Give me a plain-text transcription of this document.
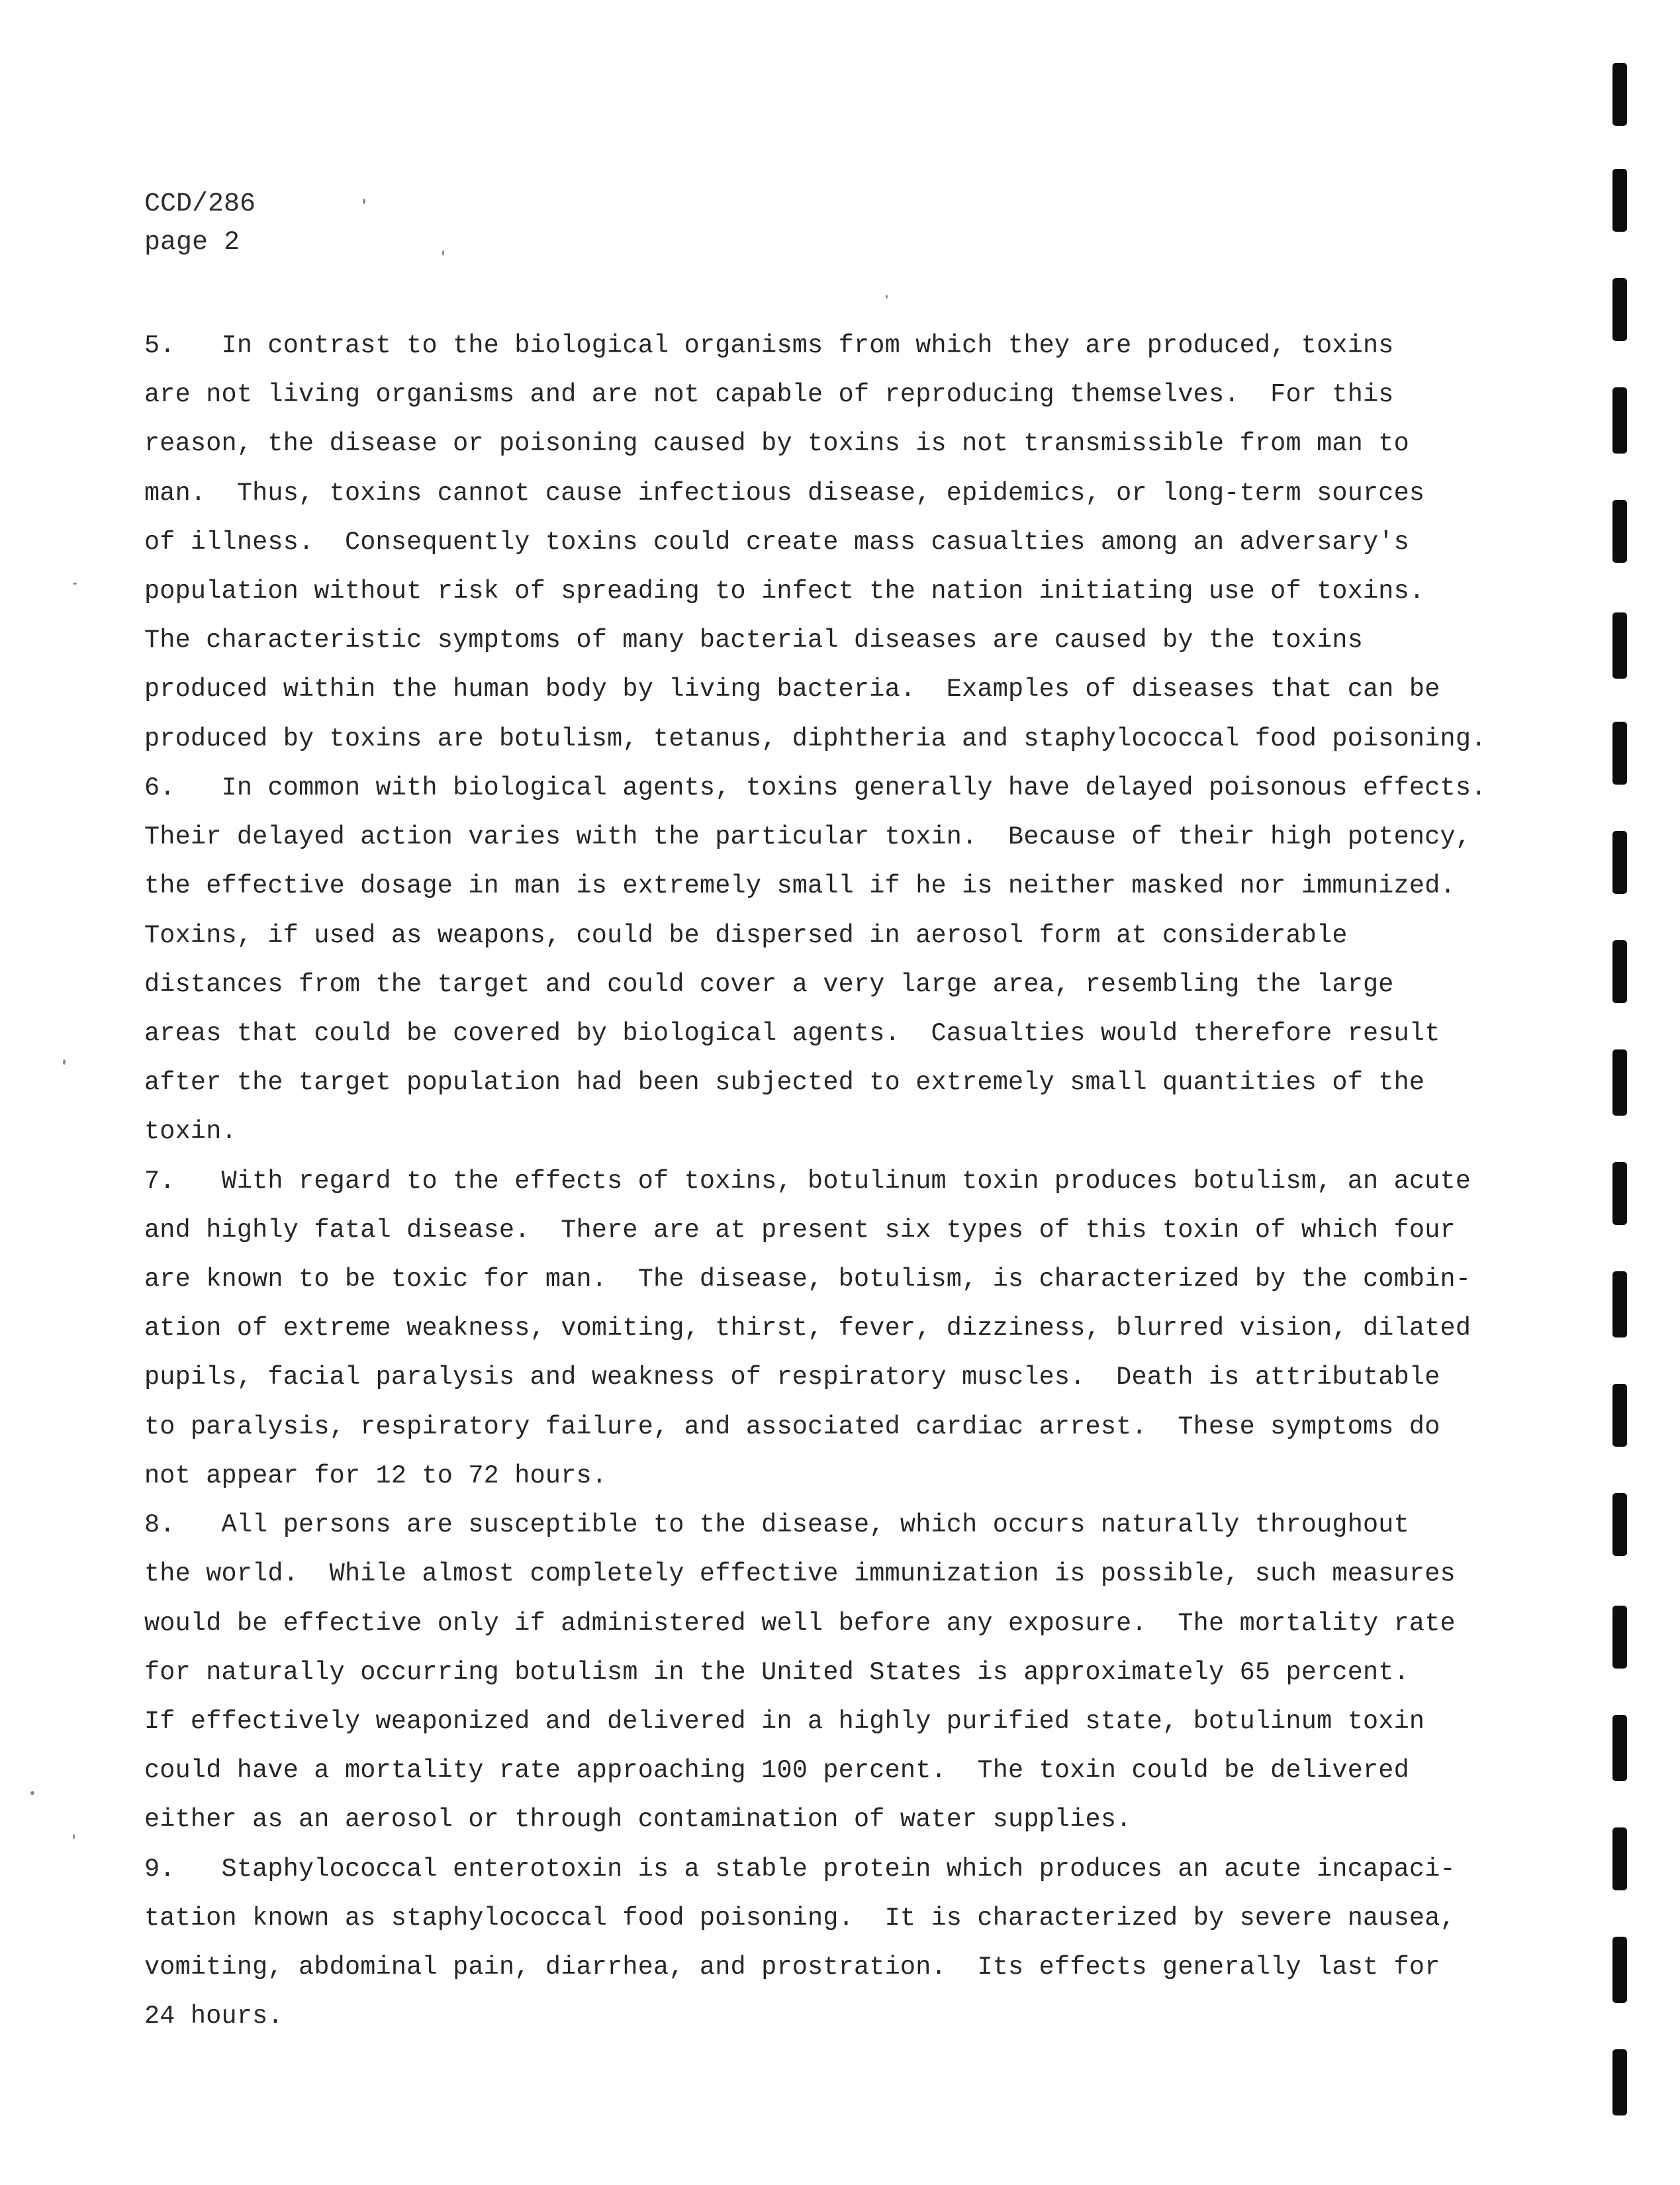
CCD/286
page 2
5.   In contrast to the biological organisms from which they are produced, toxins
are not living organisms and are not capable of reproducing themselves.  For this
reason, the disease or poisoning caused by toxins is not transmissible from man to
man.  Thus, toxins cannot cause infectious disease, epidemics, or long-term sources
of illness.  Consequently toxins could create mass casualties among an adversary's
population without risk of spreading to infect the nation initiating use of toxins.
The characteristic symptoms of many bacterial diseases are caused by the toxins
produced within the human body by living bacteria.  Examples of diseases that can be
produced by toxins are botulism, tetanus, diphtheria and staphylococcal food poisoning.
6.   In common with biological agents, toxins generally have delayed poisonous effects.
Their delayed action varies with the particular toxin.  Because of their high potency,
the effective dosage in man is extremely small if he is neither masked nor immunized.
Toxins, if used as weapons, could be dispersed in aerosol form at considerable
distances from the target and could cover a very large area, resembling the large
areas that could be covered by biological agents.  Casualties would therefore result
after the target population had been subjected to extremely small quantities of the
toxin.
7.   With regard to the effects of toxins, botulinum toxin produces botulism, an acute
and highly fatal disease.  There are at present six types of this toxin of which four
are known to be toxic for man.  The disease, botulism, is characterized by the combin-
ation of extreme weakness, vomiting, thirst, fever, dizziness, blurred vision, dilated
pupils, facial paralysis and weakness of respiratory muscles.  Death is attributable
to paralysis, respiratory failure, and associated cardiac arrest.  These symptoms do
not appear for 12 to 72 hours.
8.   All persons are susceptible to the disease, which occurs naturally throughout
the world.  While almost completely effective immunization is possible, such measures
would be effective only if administered well before any exposure.  The mortality rate
for naturally occurring botulism in the United States is approximately 65 percent.
If effectively weaponized and delivered in a highly purified state, botulinum toxin
could have a mortality rate approaching 100 percent.  The toxin could be delivered
either as an aerosol or through contamination of water supplies.
9.   Staphylococcal enterotoxin is a stable protein which produces an acute incapaci-
tation known as staphylococcal food poisoning.  It is characterized by severe nausea,
vomiting, abdominal pain, diarrhea, and prostration.  Its effects generally last for
24 hours.
